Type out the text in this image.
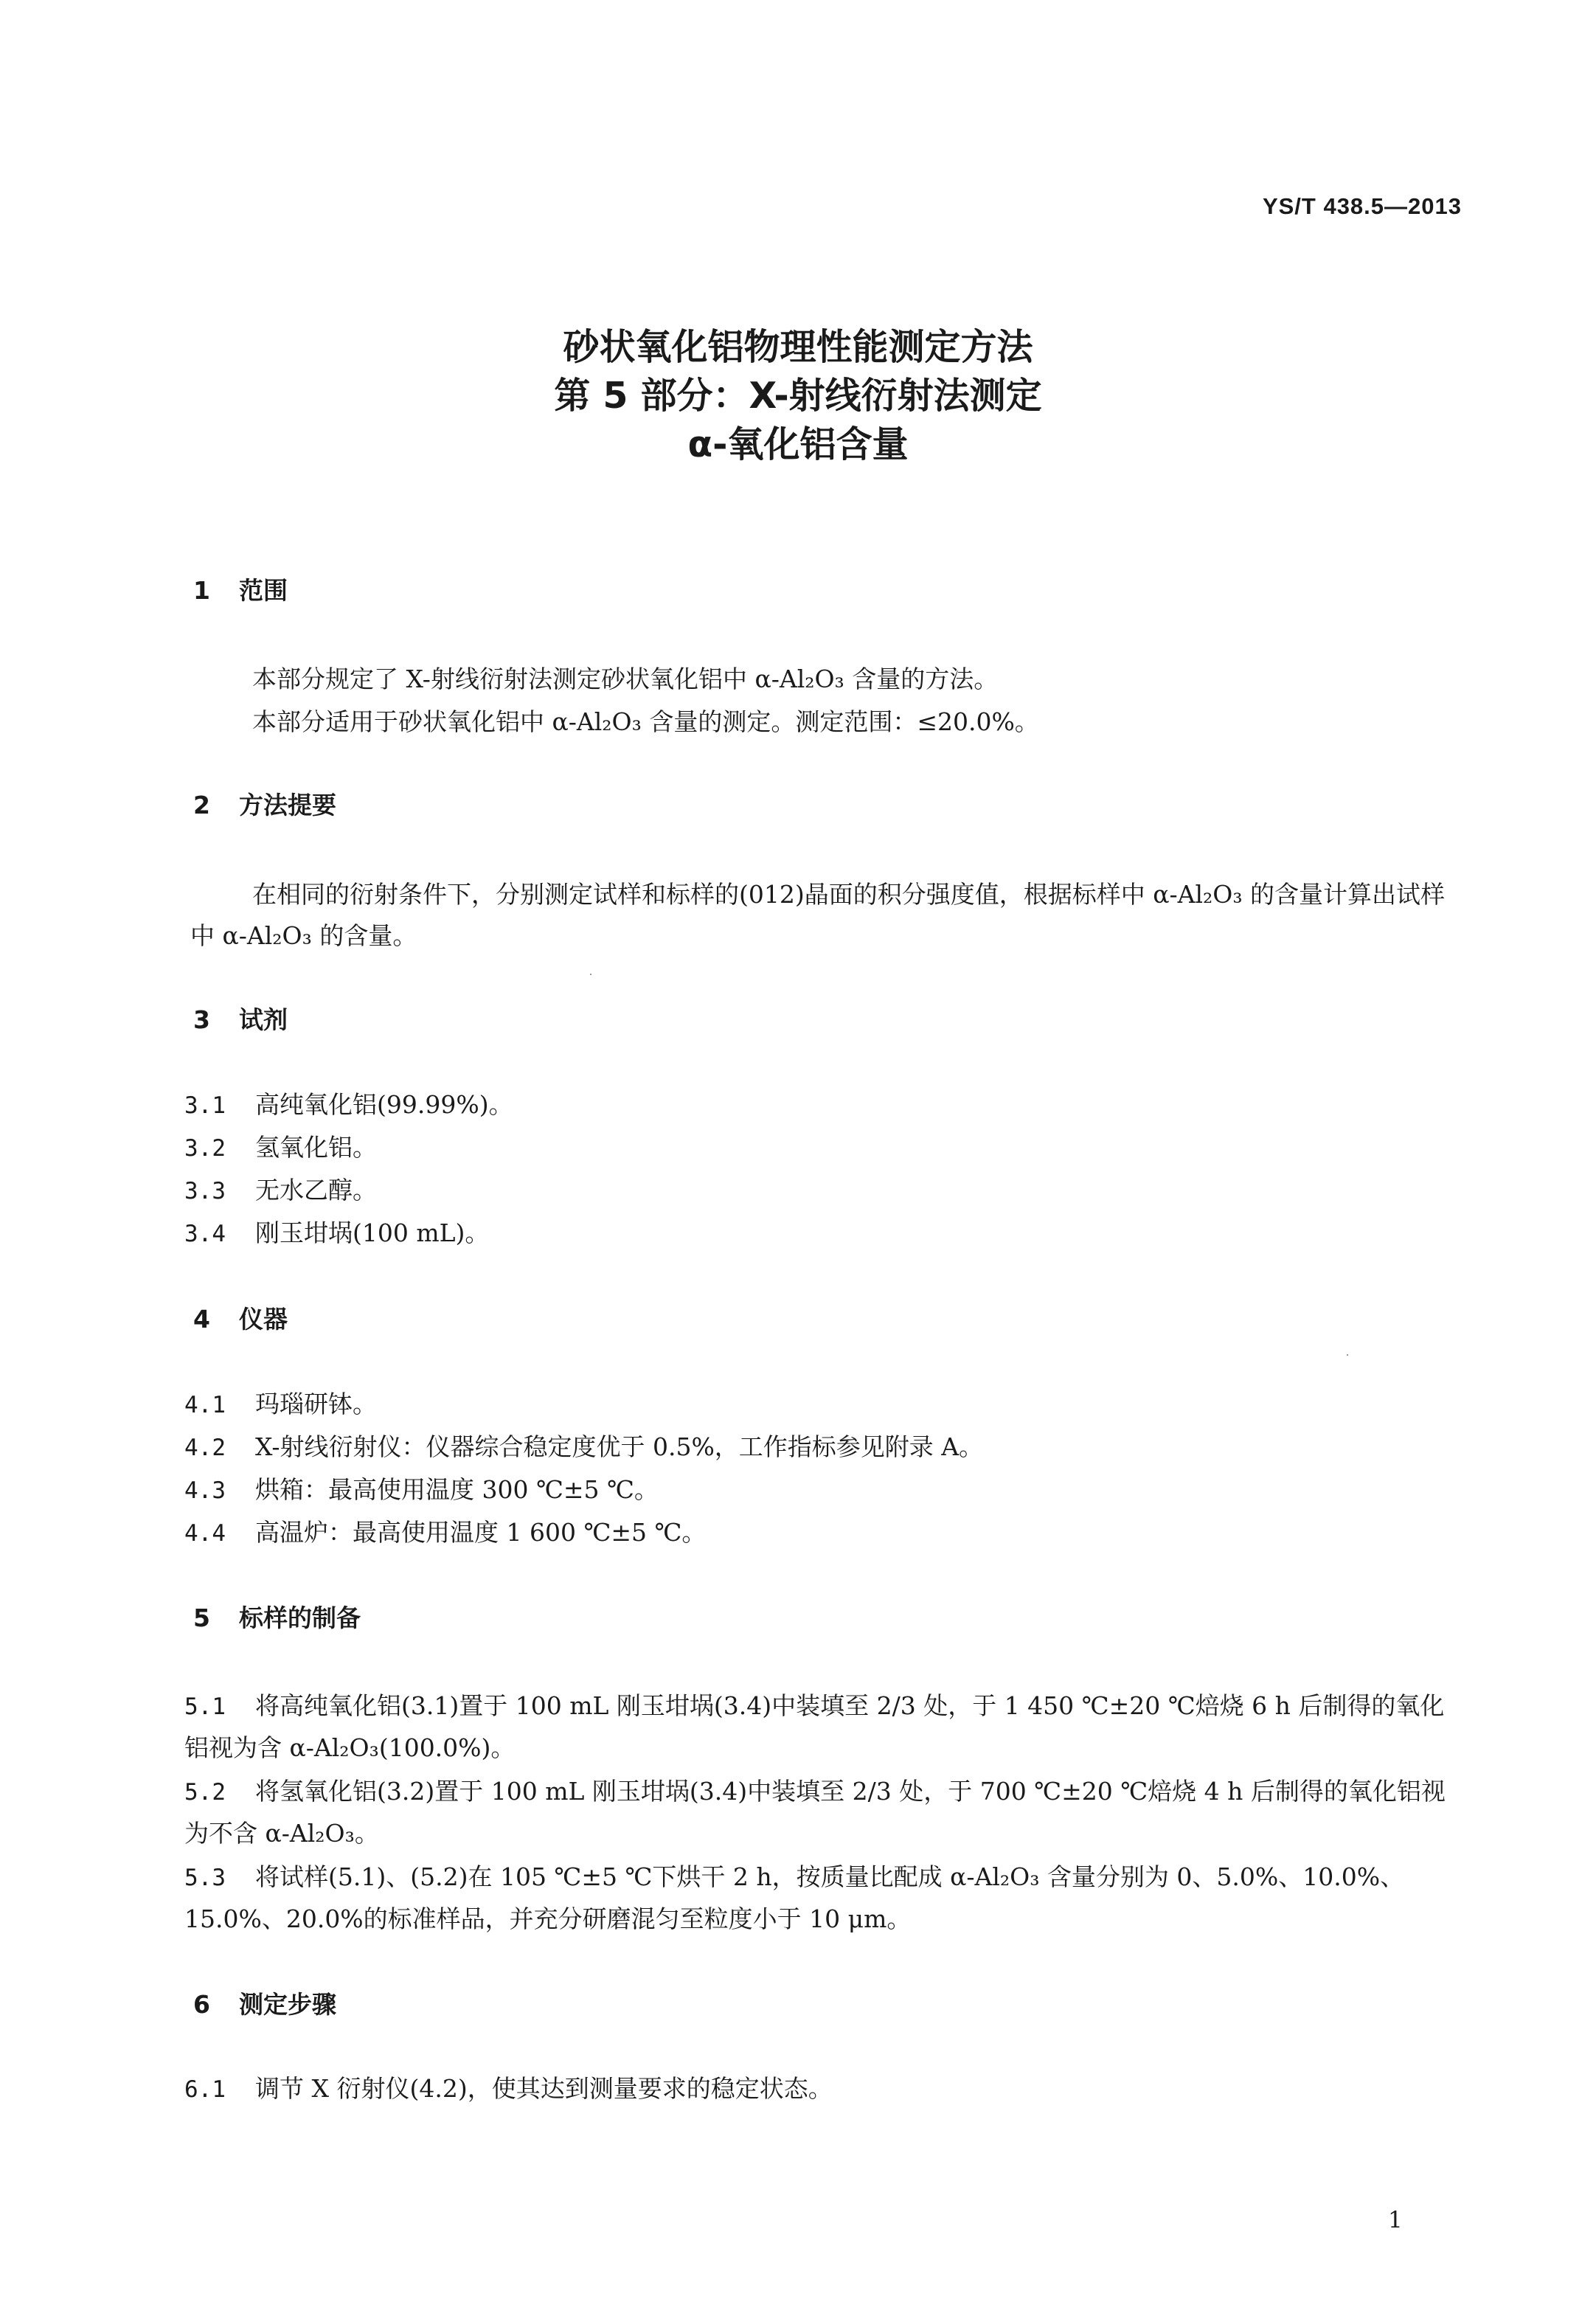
YS/T 438.5—2013
砂状氧化铝物理性能测定方法
第 5 部分：X-射线衍射法测定
α-氧化铝含量
1 范围
本部分规定了 X-射线衍射法测定砂状氧化铝中 α-Al₂O₃ 含量的方法。
本部分适用于砂状氧化铝中 α-Al₂O₃ 含量的测定。测定范围：≤20.0%。
2 方法提要
在相同的衍射条件下，分别测定试样和标样的(012)晶面的积分强度值，根据标样中 α-Al₂O₃ 的含量计算出试样中 α-Al₂O₃ 的含量。
3 试剂
3.1 高纯氧化铝(99.99%)。
3.2 氢氧化铝。
3.3 无水乙醇。
3.4 刚玉坩埚(100 mL)。
4 仪器
4.1 玛瑙研钵。
4.2 X-射线衍射仪：仪器综合稳定度优于 0.5%，工作指标参见附录 A。
4.3 烘箱：最高使用温度 300 ℃±5 ℃。
4.4 高温炉：最高使用温度 1 600 ℃±5 ℃。
5 标样的制备
5.1 将高纯氧化铝(3.1)置于 100 mL 刚玉坩埚(3.4)中装填至 2/3 处，于 1 450 ℃±20 ℃焙烧 6 h 后制得的氧化铝视为含 α-Al₂O₃(100.0%)。
5.2 将氢氧化铝(3.2)置于 100 mL 刚玉坩埚(3.4)中装填至 2/3 处，于 700 ℃±20 ℃焙烧 4 h 后制得的氧化铝视为不含 α-Al₂O₃。
5.3 将试样(5.1)、(5.2)在 105 ℃±5 ℃下烘干 2 h，按质量比配成 α-Al₂O₃ 含量分别为 0、5.0%、10.0%、15.0%、20.0%的标准样品，并充分研磨混匀至粒度小于 10 μm。
6 测定步骤
6.1 调节 X 衍射仪(4.2)，使其达到测量要求的稳定状态。
1
